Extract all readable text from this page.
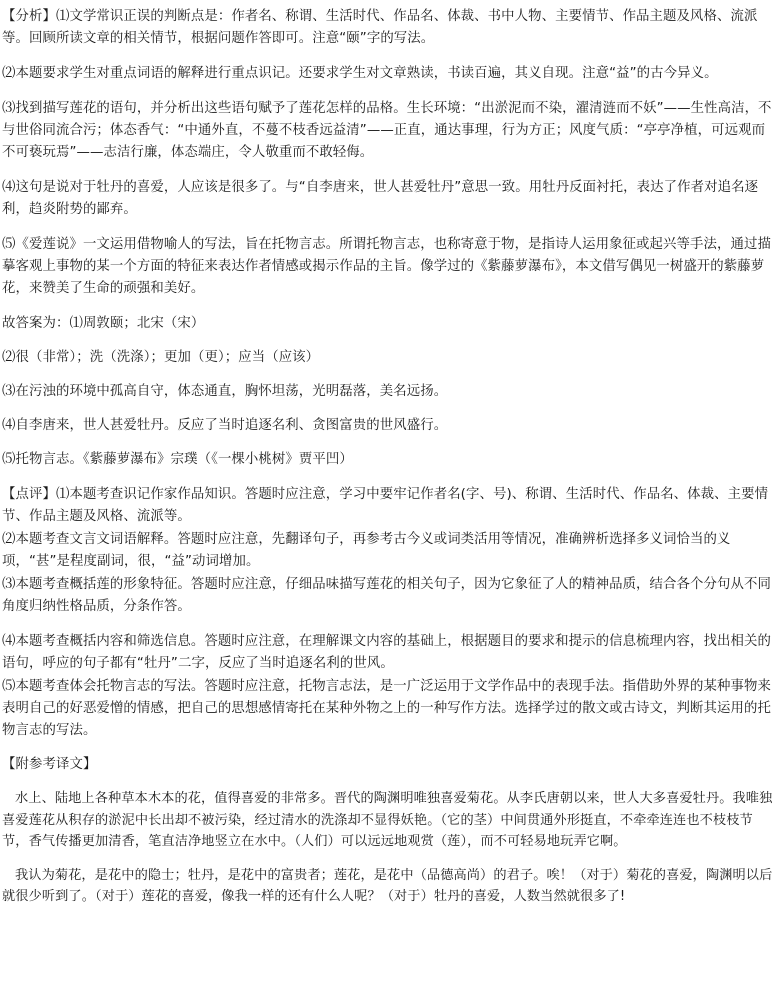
【分析】⑴文学常识正误的判断点是：作者名、称谓、生活时代、作品名、体裁、书中人物、主要情节、作品主题及风格、流派等。回顾所读文章的相关情节，根据问题作答即可。注意“颐”字的写法。

⑵本题要求学生对重点词语的解释进行重点识记。还要求学生对文章熟读，书读百遍，其义自现。注意“益”的古今异义。

⑶找到描写莲花的语句，并分析出这些语句赋予了莲花怎样的品格。生长环境：“出淤泥而不染，濯清涟而不妖”——生性高洁，不与世俗同流合污；体态香气：“中通外直，不蔓不枝香远益清”——正直，通达事理，行为方正；风度气质：“亭亭净植，可远观而不可亵玩焉”——志洁行廉，体态端庄，令人敬重而不敢轻侮。

⑷这句是说对于牡丹的喜爱，人应该是很多了。与“自李唐来，世人甚爱牡丹”意思一致。用牡丹反面衬托，表达了作者对追名逐利，趋炎附势的鄙弃。

⑸《爱莲说》一文运用借物喻人的写法，旨在托物言志。所谓托物言志，也称寄意于物，是指诗人运用象征或起兴等手法，通过描摹客观上事物的某一个方面的特征来表达作者情感或揭示作品的主旨。像学过的《紫藤萝瀑布》，本文借写偶见一树盛开的紫藤萝花，来赞美了生命的顽强和美好。

故答案为：⑴周敦颐；北宋（宋）

⑵很（非常）；洗（洗涤）；更加（更）；应当（应该）

⑶在污浊的环境中孤高自守，体态通直，胸怀坦荡，光明磊落，美名远扬。

⑷自李唐来，世人甚爱牡丹。反应了当时追逐名利、贪图富贵的世风盛行。

⑸托物言志。《紫藤萝瀑布》宗璞（《一棵小桃树》贾平凹）

【点评】⑴本题考查识记作家作品知识。答题时应注意，学习中要牢记作者名(字、号)、称谓、生活时代、作品名、体裁、主要情节、作品主题及风格、流派等。

⑵本题考查文言文词语解释。答题时应注意，先翻译句子，再参考古今义或词类活用等情况，准确辨析选择多义词恰当的义项，“甚”是程度副词，很，“益”动词增加。

⑶本题考查概括莲的形象特征。答题时应注意，仔细品味描写莲花的相关句子，因为它象征了人的精神品质，结合各个分句从不同角度归纳性格品质，分条作答。

⑷本题考查概括内容和筛选信息。答题时应注意，在理解课文内容的基础上，根据题目的要求和提示的信息梳理内容，找出相关的语句，呼应的句子都有“牡丹”二字，反应了当时追逐名利的世风。

⑸本题考查体会托物言志的写法。答题时应注意，托物言志法，是一广泛运用于文学作品中的表现手法。指借助外界的某种事物来表明自己的好恶爱憎的情感，把自己的思想感情寄托在某种外物之上的一种写作方法。选择学过的散文或古诗文，判断其运用的托物言志的写法。

【附参考译文】

水上、陆地上各种草本木本的花，值得喜爱的非常多。晋代的陶渊明唯独喜爱菊花。从李氏唐朝以来，世人大多喜爱牡丹。我唯独喜爱莲花从积存的淤泥中长出却不被污染，经过清水的洗涤却不显得妖艳。（它的茎）中间贯通外形挺直，不牵牵连连也不枝枝节节，香气传播更加清香，笔直洁净地竖立在水中。（人们）可以远远地观赏（莲），而不可轻易地玩弄它啊。

我认为菊花，是花中的隐士；牡丹，是花中的富贵者；莲花，是花中（品德高尚）的君子。唉！（对于）菊花的喜爱，陶渊明以后就很少听到了。（对于）莲花的喜爱，像我一样的还有什么人呢？（对于）牡丹的喜爱，人数当然就很多了!
